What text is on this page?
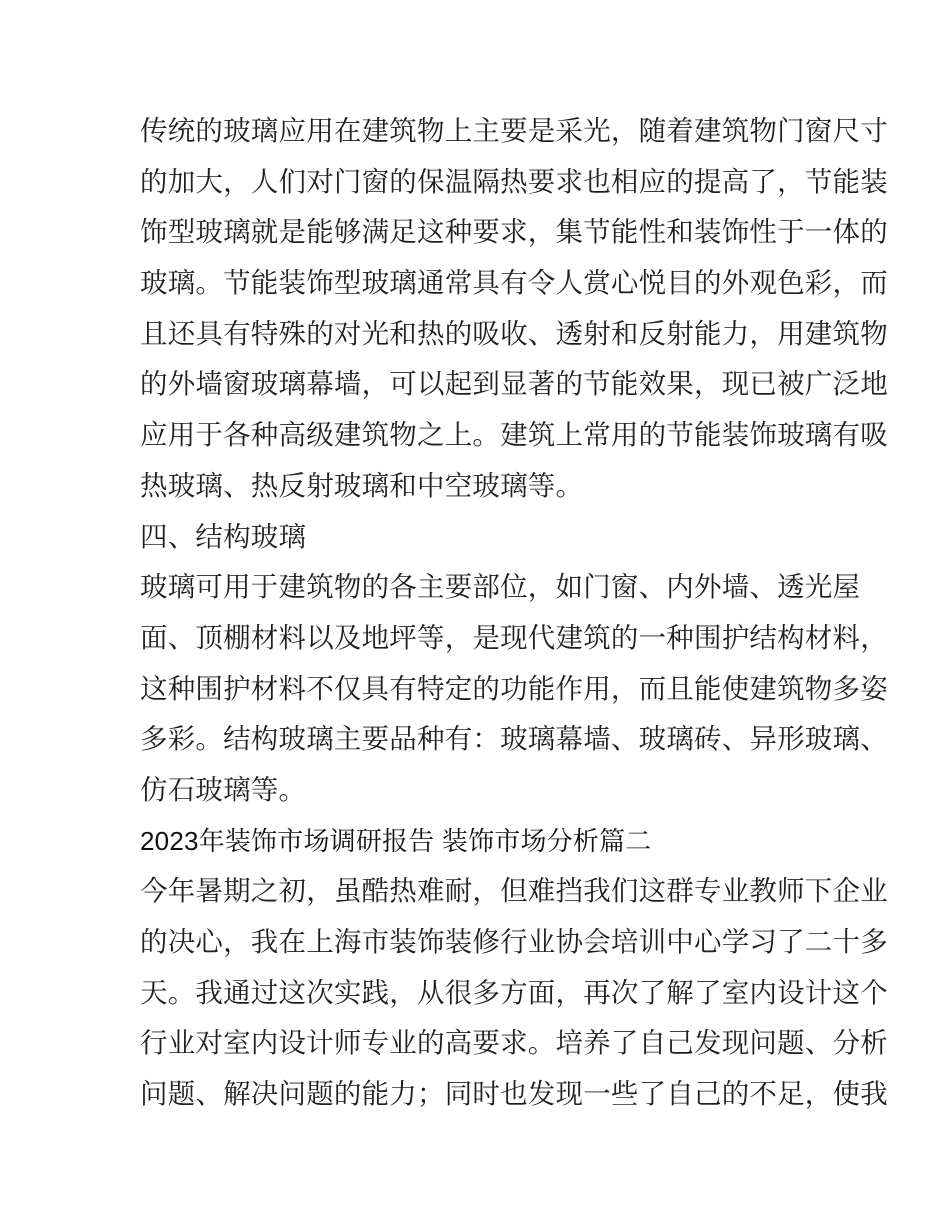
传统的玻璃应用在建筑物上主要是采光，随着建筑物门窗尺寸
的加大，人们对门窗的保温隔热要求也相应的提高了，节能装
饰型玻璃就是能够满足这种要求，集节能性和装饰性于一体的
玻璃。节能装饰型玻璃通常具有令人赏心悦目的外观色彩，而
且还具有特殊的对光和热的吸收、透射和反射能力，用建筑物
的外墙窗玻璃幕墙，可以起到显著的节能效果，现已被广泛地
应用于各种高级建筑物之上。建筑上常用的节能装饰玻璃有吸
热玻璃、热反射玻璃和中空玻璃等。
四、结构玻璃
玻璃可用于建筑物的各主要部位，如门窗、内外墙、透光屋
面、顶棚材料以及地坪等，是现代建筑的一种围护结构材料，
这种围护材料不仅具有特定的功能作用，而且能使建筑物多姿
多彩。结构玻璃主要品种有：玻璃幕墙、玻璃砖、异形玻璃、
仿石玻璃等。
2023年装饰市场调研报告 装饰市场分析篇二
今年暑期之初，虽酷热难耐，但难挡我们这群专业教师下企业
的决心，我在上海市装饰装修行业协会培训中心学习了二十多
天。我通过这次实践，从很多方面，再次了解了室内设计这个
行业对室内设计师专业的高要求。培养了自己发现问题、分析
问题、解决问题的能力；同时也发现一些了自己的不足，使我
